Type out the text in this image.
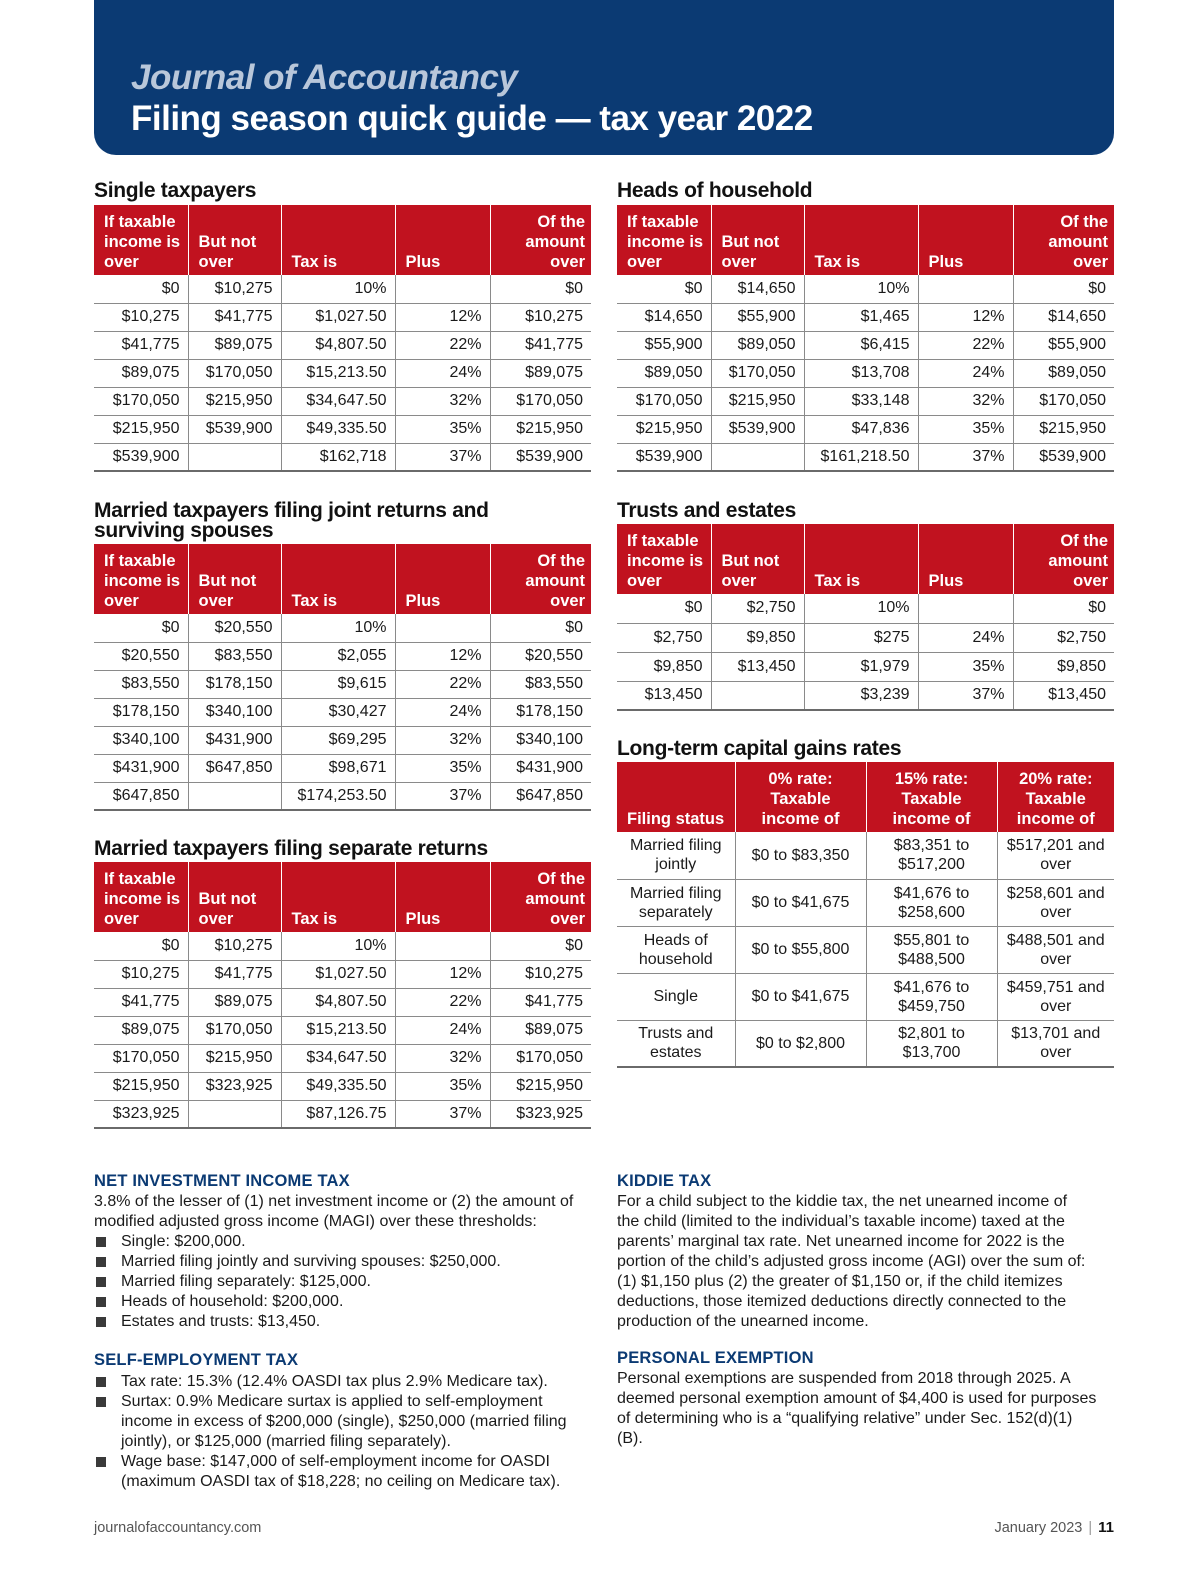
Journal of Accountancy
Filing season quick guide — tax year 2022
Single taxpayers
If taxable income is over	But not over	Tax is	Plus	Of the amount over
$0	$10,275	10%		$0
$10,275	$41,775	$1,027.50	12%	$10,275
$41,775	$89,075	$4,807.50	22%	$41,775
$89,075	$170,050	$15,213.50	24%	$89,075
$170,050	$215,950	$34,647.50	32%	$170,050
$215,950	$539,900	$49,335.50	35%	$215,950
$539,900		$162,718	37%	$539,900
Married taxpayers filing joint returns and surviving spouses
If taxable income is over	But not over	Tax is	Plus	Of the amount over
$0	$20,550	10%		$0
$20,550	$83,550	$2,055	12%	$20,550
$83,550	$178,150	$9,615	22%	$83,550
$178,150	$340,100	$30,427	24%	$178,150
$340,100	$431,900	$69,295	32%	$340,100
$431,900	$647,850	$98,671	35%	$431,900
$647,850		$174,253.50	37%	$647,850
Married taxpayers filing separate returns
If taxable income is over	But not over	Tax is	Plus	Of the amount over
$0	$10,275	10%		$0
$10,275	$41,775	$1,027.50	12%	$10,275
$41,775	$89,075	$4,807.50	22%	$41,775
$89,075	$170,050	$15,213.50	24%	$89,075
$170,050	$215,950	$34,647.50	32%	$170,050
$215,950	$323,925	$49,335.50	35%	$215,950
$323,925		$87,126.75	37%	$323,925
Heads of household
If taxable income is over	But not over	Tax is	Plus	Of the amount over
$0	$14,650	10%		$0
$14,650	$55,900	$1,465	12%	$14,650
$55,900	$89,050	$6,415	22%	$55,900
$89,050	$170,050	$13,708	24%	$89,050
$170,050	$215,950	$33,148	32%	$170,050
$215,950	$539,900	$47,836	35%	$215,950
$539,900		$161,218.50	37%	$539,900
Trusts and estates
If taxable income is over	But not over	Tax is	Plus	Of the amount over
$0	$2,750	10%		$0
$2,750	$9,850	$275	24%	$2,750
$9,850	$13,450	$1,979	35%	$9,850
$13,450		$3,239	37%	$13,450
Long-term capital gains rates
Filing status	0% rate: Taxable income of	15% rate: Taxable income of	20% rate: Taxable income of
Married filing jointly	$0 to $83,350	$83,351 to $517,200	$517,201 and over
Married filing separately	$0 to $41,675	$41,676 to $258,600	$258,601 and over
Heads of household	$0 to $55,800	$55,801 to $488,500	$488,501 and over
Single	$0 to $41,675	$41,676 to $459,750	$459,751 and over
Trusts and estates	$0 to $2,800	$2,801 to $13,700	$13,701 and over
NET INVESTMENT INCOME TAX

3.8% of the lesser of (1) net investment income or (2) the amount of modified adjusted gross income (MAGI) over these thresholds:

Single: $200,000.
Married filing jointly and surviving spouses: $250,000.
Married filing separately: $125,000.
Heads of household: $200,000.
Estates and trusts: $13,450.
SELF-EMPLOYMENT TAX
Tax rate: 15.3% (12.4% OASDI tax plus 2.9% Medicare tax).
Surtax: 0.9% Medicare surtax is applied to self-employment income in excess of $200,000 (single), $250,000 (married filing jointly), or $125,000 (married filing separately).
Wage base: $147,000 of self-employment income for OASDI (maximum OASDI tax of $18,228; no ceiling on Medicare tax).
KIDDIE TAX

For a child subject to the kiddie tax, the net unearned income of the child (limited to the individual’s taxable income) taxed at the parents’ marginal tax rate. Net unearned income for 2022 is the portion of the child’s adjusted gross income (AGI) over the sum of: (1) $1,150 plus (2) the greater of $1,150 or, if the child itemizes deductions, those itemized deductions directly connected to the production of the unearned income.

PERSONAL EXEMPTION

Personal exemptions are suspended from 2018 through 2025. A deemed personal exemption amount of $4,400 is used for purposes of determining who is a “qualifying relative” under Sec. 152(d)(1)(B).

journalofaccountancy.com	January 2023 | 11
